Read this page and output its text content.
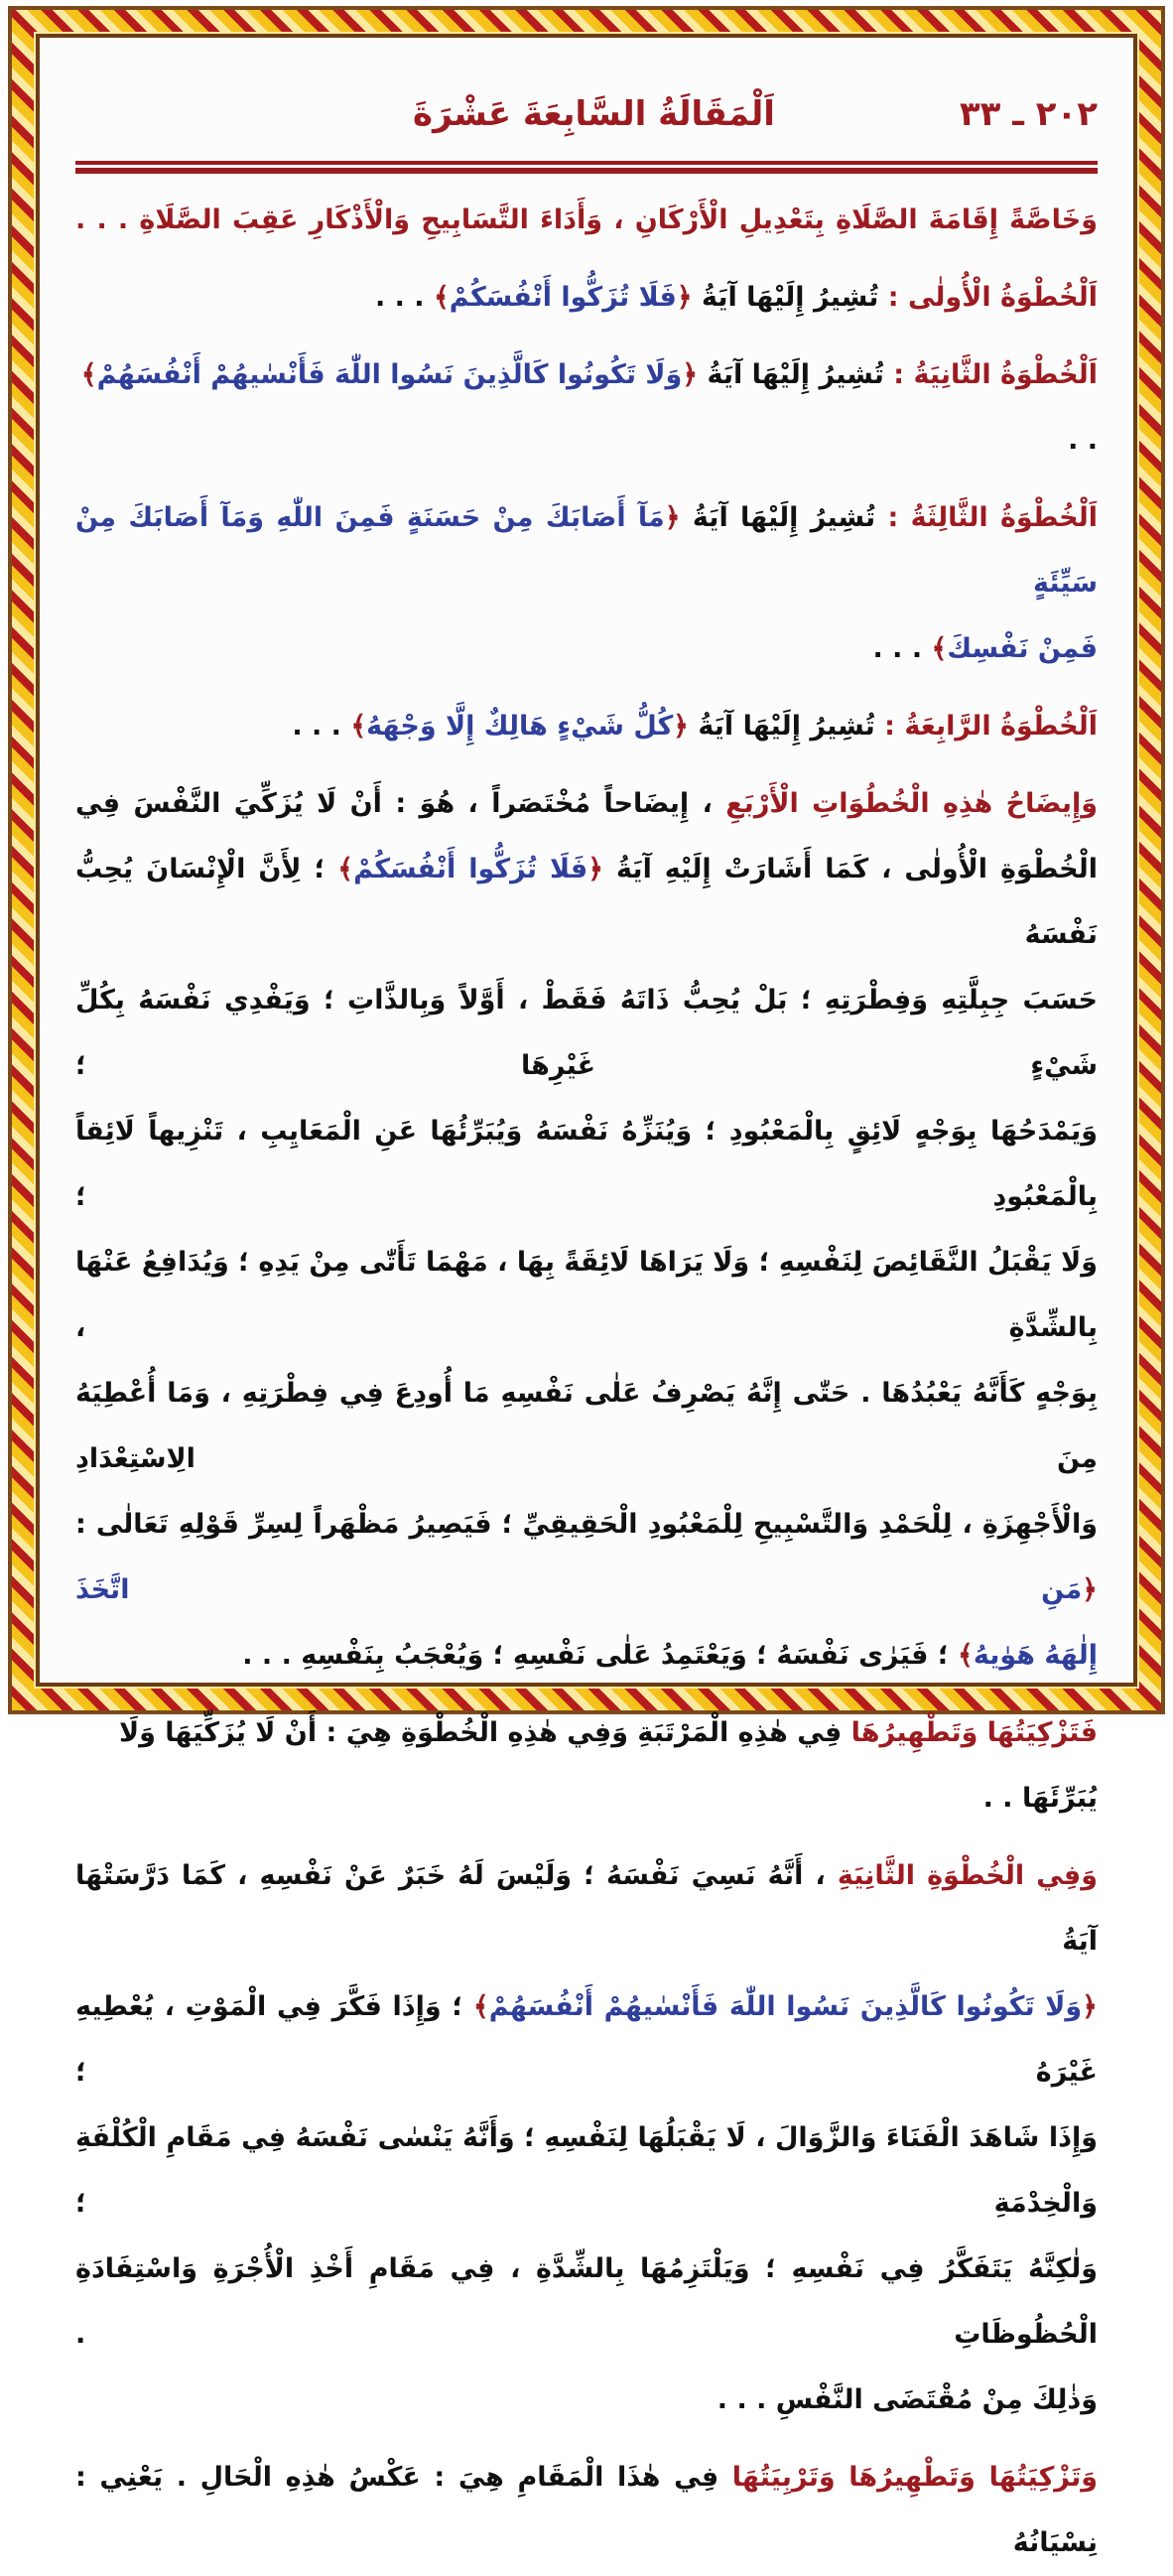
٢٠٢ ـ ٣٣
اَلْمَقَالَةُ السَّابِعَةَ عَشْرَةَ
وَخَاصَّةً إِقَامَةَ الصَّلَاةِ بِتَعْدِيلِ الْأَرْكَانِ ، وَأَدَاءَ التَّسَابِيحِ وَالْأَذْكَارِ عَقِبَ الصَّلَاةِ . . .
اَلْخُطْوَةُ الْأُولٰى : تُشِيرُ إِلَيْهَا آيَةُ ﴿فَلَا تُزَكُّوا أَنْفُسَكُمْ﴾ . . .
اَلْخُطْوَةُ الثَّانِيَةُ : تُشِيرُ إِلَيْهَا آيَةُ ﴿وَلَا تَكُونُوا كَالَّذِينَ نَسُوا اللّٰهَ فَأَنْسٰيهُمْ أَنْفُسَهُمْ﴾ . .
اَلْخُطْوَةُ الثَّالِثَةُ : تُشِيرُ إِلَيْهَا آيَةُ ﴿مَآ أَصَابَكَ مِنْ حَسَنَةٍ فَمِنَ اللّٰهِ وَمَآ أَصَابَكَ مِنْ سَيِّئَةٍ
فَمِنْ نَفْسِكَ﴾ . . .
اَلْخُطْوَةُ الرَّابِعَةُ : تُشِيرُ إِلَيْهَا آيَةُ ﴿كُلُّ شَيْءٍ هَالِكٌ إِلَّا وَجْهَهُ﴾ . . .
وَإِيضَاحُ هٰذِهِ الْخُطُوَاتِ الْأَرْبَعِ ، إِيضَاحاً مُخْتَصَراً ، هُوَ : أَنْ لَا يُزَكِّيَ النَّفْسَ فِي
الْخُطْوَةِ الْأُولٰى ، كَمَا أَشَارَتْ إِلَيْهِ آيَةُ ﴿فَلَا تُزَكُّوا أَنْفُسَكُمْ﴾ ؛ لِأَنَّ الْإِنْسَانَ يُحِبُّ نَفْسَهُ
حَسَبَ جِبِلَّتِهِ وَفِطْرَتِهِ ؛ بَلْ يُحِبُّ ذَاتَهُ فَقَطْ ، أَوَّلاً وَبِالذَّاتِ ؛ وَيَفْدِي نَفْسَهُ بِكُلِّ شَيْءٍ غَيْرِهَا ؛
وَيَمْدَحُهَا بِوَجْهٍ لَائِقٍ بِالْمَعْبُودِ ؛ وَيُنَزِّهُ نَفْسَهُ وَيُبَرِّئُهَا عَنِ الْمَعَايِبِ ، تَنْزِيهاً لَائِقاً بِالْمَعْبُودِ ؛
وَلَا يَقْبَلُ النَّقَائِصَ لِنَفْسِهِ ؛ وَلَا يَرَاهَا لَائِقَةً بِهَا ، مَهْمَا تَأَتّٰى مِنْ يَدِهِ ؛ وَيُدَافِعُ عَنْهَا بِالشِّدَّةِ ،
بِوَجْهٍ كَأَنَّهُ يَعْبُدُهَا . حَتّٰى إِنَّهُ يَصْرِفُ عَلٰى نَفْسِهِ مَا أُودِعَ فِي فِطْرَتِهِ ، وَمَا أُعْطِيَهُ مِنَ الِاسْتِعْدَادِ
وَالْأَجْهِزَةِ ، لِلْحَمْدِ وَالتَّسْبِيحِ لِلْمَعْبُودِ الْحَقِيقِيِّ ؛ فَيَصِيرُ مَظْهَراً لِسِرِّ قَوْلِهِ تَعَالٰى : ﴿مَنِ اتَّخَذَ
إِلٰهَهُ هَوٰيهُ﴾ ؛ فَيَرٰى نَفْسَهُ ؛ وَيَعْتَمِدُ عَلٰى نَفْسِهِ ؛ وَيُعْجَبُ بِنَفْسِهِ . . .
فَتَزْكِيَتُهَا وَتَطْهِيرُهَا فِي هٰذِهِ الْمَرْتَبَةِ وَفِي هٰذِهِ الْخُطْوَةِ هِيَ : أَنْ لَا يُزَكِّيَهَا وَلَا يُبَرِّئَهَا . .
وَفِي الْخُطْوَةِ الثَّانِيَةِ ، أَنَّهُ نَسِيَ نَفْسَهُ ؛ وَلَيْسَ لَهُ خَبَرٌ عَنْ نَفْسِهِ ، كَمَا دَرَّسَتْهَا آيَةُ
﴿وَلَا تَكُونُوا كَالَّذِينَ نَسُوا اللّٰهَ فَأَنْسٰيهُمْ أَنْفُسَهُمْ﴾ ؛ وَإِذَا فَكَّرَ فِي الْمَوْتِ ، يُعْطِيهِ غَيْرَهُ ؛
وَإِذَا شَاهَدَ الْفَنَاءَ وَالزَّوَالَ ، لَا يَقْبَلُهَا لِنَفْسِهِ ؛ وَأَنَّهُ يَنْسٰى نَفْسَهُ فِي مَقَامِ الْكُلْفَةِ وَالْخِدْمَةِ ؛
وَلٰكِنَّهُ يَتَفَكَّرُ فِي نَفْسِهِ ؛ وَيَلْتَزِمُهَا بِالشِّدَّةِ ، فِي مَقَامِ أَخْذِ الْأُجْرَةِ وَاسْتِفَادَةِ الْحُظُوظَاتِ .
وَذٰلِكَ مِنْ مُقْتَضَى النَّفْسِ . . .
وَتَزْكِيَتُهَا وَتَطْهِيرُهَا وَتَرْبِيَتُهَا فِي هٰذَا الْمَقَامِ هِيَ : عَكْسُ هٰذِهِ الْحَالِ . يَعْنِي : نِسْيَانُهُ
